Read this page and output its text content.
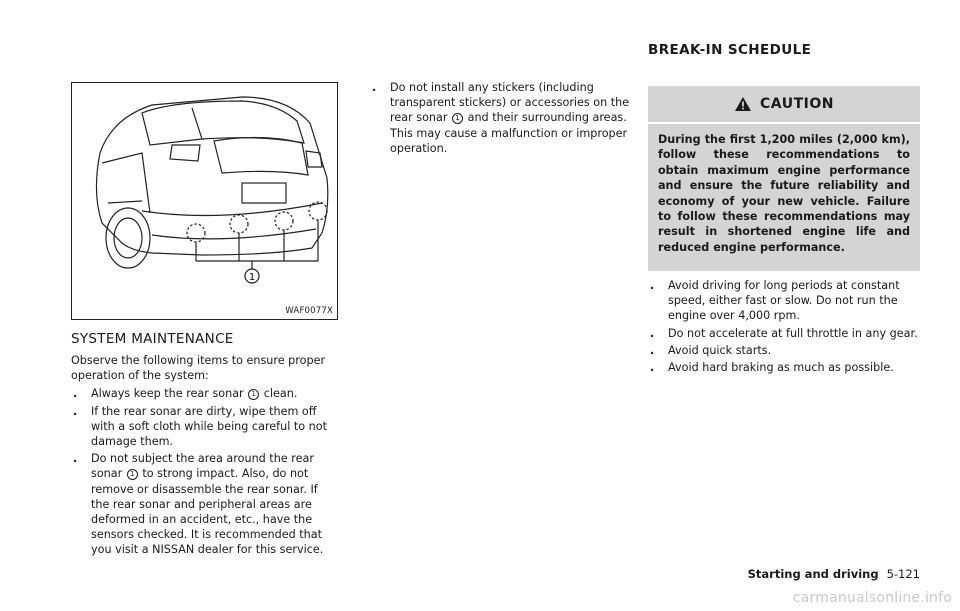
1
WAF0077X
SYSTEM MAINTENANCE

Observe the following items to ensure proper operation of the system:

. Always keep the rear sonar 1 clean.
. If the rear sonar are dirty, wipe them off with a soft cloth while being careful to not damage them.
. Do not subject the area around the rear sonar 1 to strong impact. Also, do not remove or disassemble the rear sonar. If the rear sonar and peripheral areas are deformed in an accident, etc., have the sensors checked. It is recommended that you visit a NISSAN dealer for this service.
. Do not install any stickers (including transparent stickers) or accessories on the rear sonar 1 and their surrounding areas. This may cause a malfunction or improper operation.
BREAK-IN SCHEDULE
CAUTION
During the first 1,200 miles (2,000 km), follow these recommendations to obtain maximum engine performance and ensure the future reliability and economy of your new vehicle. Failure to follow these recommendations may result in shortened engine life and reduced engine performance.
. Avoid driving for long periods at constant speed, either fast or slow. Do not run the engine over 4,000 rpm.
. Do not accelerate at full throttle in any gear.
. Avoid quick starts.
. Avoid hard braking as much as possible.
Starting and driving 5-121
carmanualsonline.info
